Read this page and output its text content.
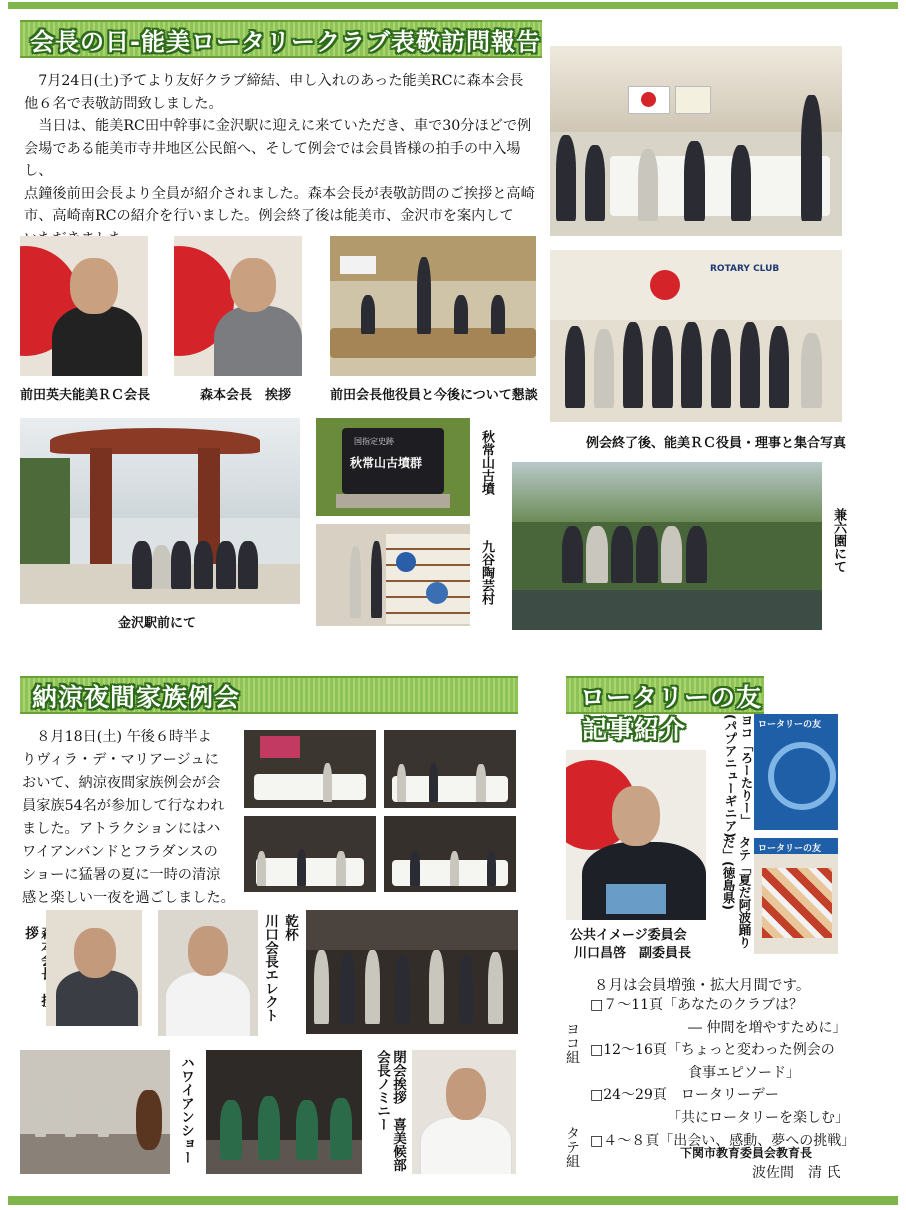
会長の日-能美ロータリークラブ表敬訪問報告
　7月24日(土)予てより友好クラブ締結、申し入れのあった能美RCに森本会長
他６名で表敬訪問致しました。
　当日は、能美RC田中幹事に金沢駅に迎えに来ていただき、車で30分ほどで例
会場である能美市寺井地区公民館へ、そして例会では会員皆様の拍手の中入場し、
点鐘後前田会長より全員が紹介されました。森本会長が表敬訪問のご挨拶と高崎
市、高崎南RCの紹介を行いました。例会終了後は能美市、金沢市を案内して
前田英夫能美ＲＣ会長	森本会長　挨拶	前田会長他役員と今後について懇談
ROTARY CLUB
例会終了後、能美ＲＣ役員・理事と集合写真
金沢駅前にて
国指定史跡
秋常山古墳群	秋常山古墳
九谷陶芸村	兼六園にて
納涼夜間家族例会
　８月18日(土) 午後６時半よ
りヴィラ・デ・マリアージュに
おいて、納涼夜間家族例会が会
員家族54名が参加して行なわれ
ました。アトラクションにはハ
ワイアンバンドとフラダンスの
ショーに猛暑の夏に一時の清涼
感と楽しい一夜を過ごしました。
　拶	川口会長エレクト 乾杯
ハワイアンショー	閉会挨拶　喜美候部会長ノミニー
ロータリーの友
記事紹介
公共イメージ委員会
川口昌啓　副委員長
ヨコ「ろーたりー」(パプアニューギニア)	ロータリーの友
タテ「夏だ阿波踊りだ」(徳島県)	ロータリーの友
８月は会員増強・拡大月間です。
ヨコ組
タテ組
□７～11頁「あなたのクラブは？
　　　　　　　― 仲間を増やすために」
□12～16頁「ちょっと変わった例会の
　　　　　　　食事エピソード」
□24～29頁　ロータリーデー
　　　　　　「共にロータリーを楽しむ」
□４～８頁「出会い、感動、夢への挑戦」
下関市教育委員会教育長
波佐間　清 氏
